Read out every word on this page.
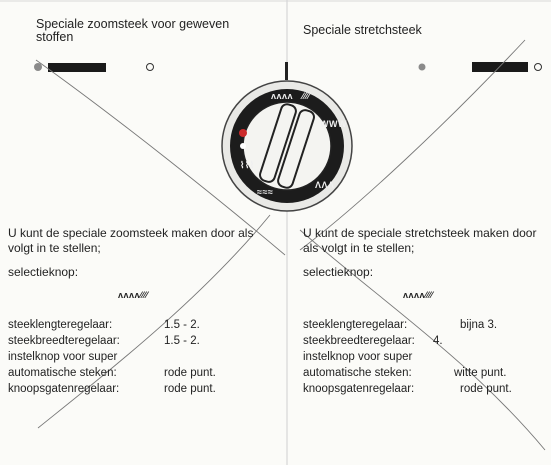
ʌʌʌʌ ⁄⁄⁄⁄
WWW
⌇⌇⌇
≈≈≈
ΛΛΛ
Speciale zoomsteek voor geweven stoffen
U kunt de speciale zoomsteek maken door als volgt in te stellen;
selectieknop:
ʌʌʌʌ⁄⁄⁄⁄
steeklengteregelaar:	1.5 - 2.
steekbreedteregelaar:	1.5 - 2.
instelknop voor super
automatische steken:	rode punt.
knoopsgatenregelaar:	rode punt.
Speciale stretchsteek
U kunt de speciale stretchsteek maken door als volgt in te stellen;
selectieknop:
ʌʌʌʌ⁄⁄⁄⁄
steeklengteregelaar:	bijna 3.
steekbreedteregelaar: 4.
instelknop voor super
automatische steken:	witte punt.
knoopsgatenregelaar:	rode punt.
